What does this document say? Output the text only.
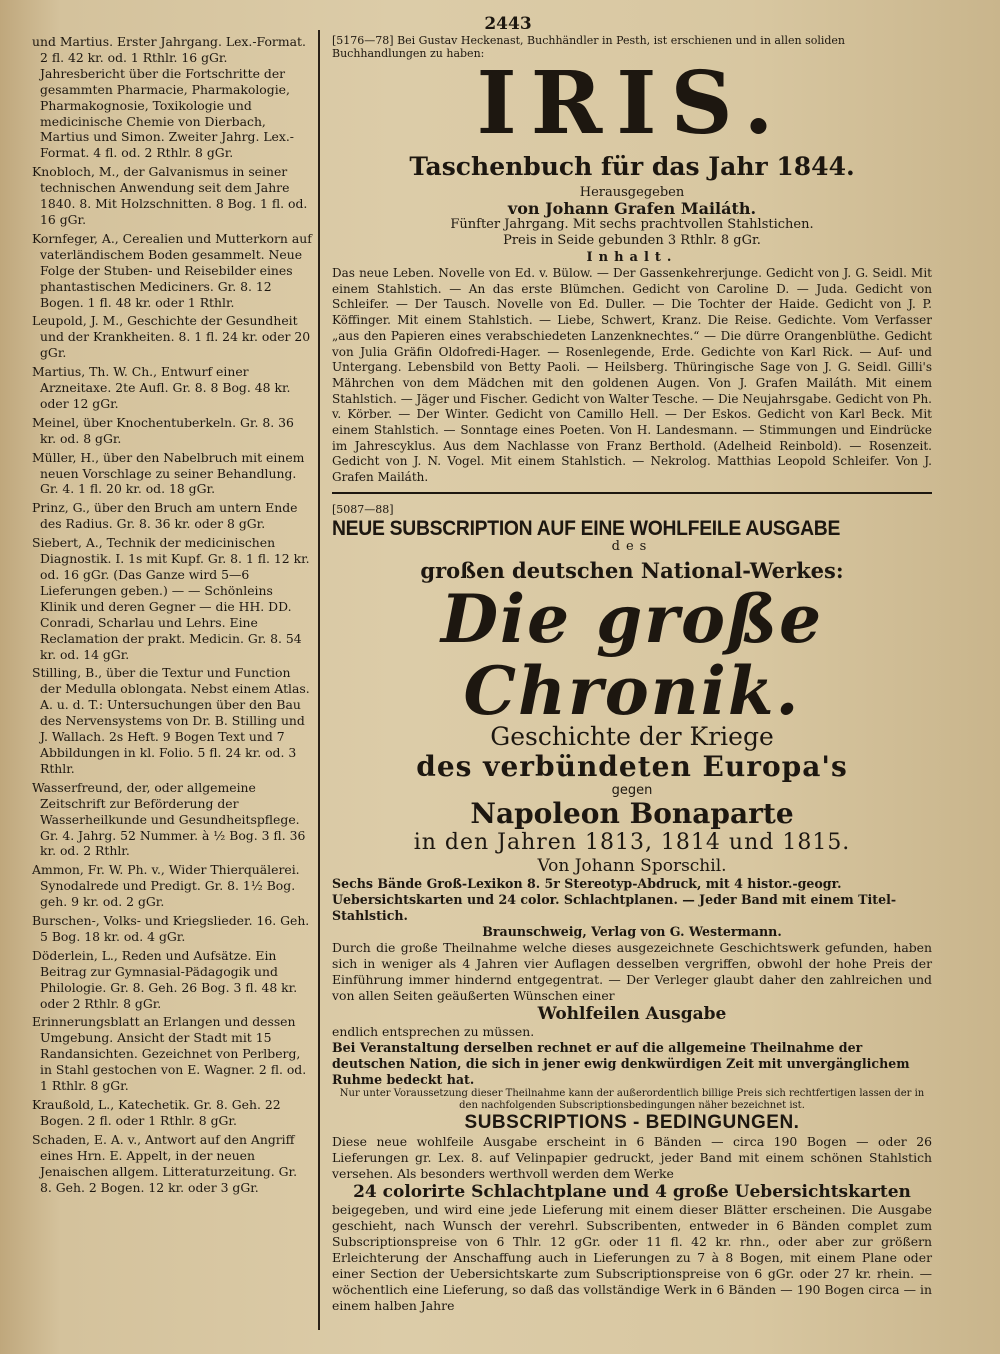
2443

und Martius. Erster Jahrgang. Lex.-Format. 2 fl. 42 kr. od. 1 Rthlr. 16 gGr. Jahresbericht über die Fortschritte der gesammten Pharmacie, Pharmakologie, Pharmakognosie, Toxikologie und medicinische Chemie von Dierbach, Martius und Simon. Zweiter Jahrg. Lex.-Format. 4 fl. od. 2 Rthlr. 8 gGr.

Knobloch, M., der Galvanismus in seiner technischen Anwendung seit dem Jahre 1840. 8. Mit Holzschnitten. 8 Bog. 1 fl. od. 16 gGr.

Kornfeger, A., Cerealien und Mutterkorn auf vaterländischem Boden gesammelt. Neue Folge der Stuben- und Reisebilder eines phantastischen Mediciners. Gr. 8. 12 Bogen. 1 fl. 48 kr. oder 1 Rthlr.

Leupold, J. M., Geschichte der Gesundheit und der Krankheiten. 8. 1 fl. 24 kr. oder 20 gGr.

Martius, Th. W. Ch., Entwurf einer Arzneitaxe. 2te Aufl. Gr. 8. 8 Bog. 48 kr. oder 12 gGr.

Meinel, über Knochentuberkeln. Gr. 8. 36 kr. od. 8 gGr.

Müller, H., über den Nabelbruch mit einem neuen Vorschlage zu seiner Behandlung. Gr. 4. 1 fl. 20 kr. od. 18 gGr.

Prinz, G., über den Bruch am untern Ende des Radius. Gr. 8. 36 kr. oder 8 gGr.

Siebert, A., Technik der medicinischen Diagnostik. I. 1s mit Kupf. Gr. 8. 1 fl. 12 kr. od. 16 gGr. (Das Ganze wird 5—6 Lieferungen geben.) — — Schönleins Klinik und deren Gegner — die HH. DD. Conradi, Scharlau und Lehrs. Eine Reclamation der prakt. Medicin. Gr. 8. 54 kr. od. 14 gGr.

Stilling, B., über die Textur und Function der Medulla oblongata. Nebst einem Atlas. A. u. d. T.: Untersuchungen über den Bau des Nervensystems von Dr. B. Stilling und J. Wallach. 2s Heft. 9 Bogen Text und 7 Abbildungen in kl. Folio. 5 fl. 24 kr. od. 3 Rthlr.

Wasserfreund, der, oder allgemeine Zeitschrift zur Beförderung der Wasserheilkunde und Gesundheitspflege. Gr. 4. Jahrg. 52 Nummer. à ½ Bog. 3 fl. 36 kr. od. 2 Rthlr.

Ammon, Fr. W. Ph. v., Wider Thierquälerei. Synodalrede und Predigt. Gr. 8. 1½ Bog. geh. 9 kr. od. 2 gGr.

Burschen-, Volks- und Kriegslieder. 16. Geh. 5 Bog. 18 kr. od. 4 gGr.

Döderlein, L., Reden und Aufsätze. Ein Beitrag zur Gymnasial-Pädagogik und Philologie. Gr. 8. Geh. 26 Bog. 3 fl. 48 kr. oder 2 Rthlr. 8 gGr.

Erinnerungsblatt an Erlangen und dessen Umgebung. Ansicht der Stadt mit 15 Randansichten. Gezeichnet von Perlberg, in Stahl gestochen von E. Wagner. 2 fl. od. 1 Rthlr. 8 gGr.

Kraußold, L., Katechetik. Gr. 8. Geh. 22 Bogen. 2 fl. oder 1 Rthlr. 8 gGr.

Schaden, E. A. v., Antwort auf den Angriff eines Hrn. E. Appelt, in der neuen Jenaischen allgem. Litteraturzeitung. Gr. 8. Geh. 2 Bogen. 12 kr. oder 3 gGr.

[5176—78] Bei Gustav Heckenast, Buchhändler in Pesth, ist erschienen und in allen soliden Buchhandlungen zu haben:
IRIS.
Taschenbuch für das Jahr 1844.
Herausgegeben
von Johann Grafen Mailáth.
Fünfter Jahrgang. Mit sechs prachtvollen Stahlstichen.
Preis in Seide gebunden 3 Rthlr. 8 gGr.
Inhalt.
Das neue Leben. Novelle von Ed. v. Bülow. — Der Gassenkehrerjunge. Gedicht von J. G. Seidl. Mit einem Stahlstich. — An das erste Blümchen. Gedicht von Caroline D. — Juda. Gedicht von Schleifer. — Der Tausch. Novelle von Ed. Duller. — Die Tochter der Haide. Gedicht von J. P. Köffinger. Mit einem Stahlstich. — Liebe, Schwert, Kranz. Die Reise. Gedichte. Vom Verfasser „aus den Papieren eines verabschiedeten Lanzenknechtes.“ — Die dürre Orangenblüthe. Gedicht von Julia Gräfin Oldofredi-Hager. — Rosenlegende, Erde. Gedichte von Karl Rick. — Auf- und Untergang. Lebensbild von Betty Paoli. — Heilsberg. Thüringische Sage von J. G. Seidl. Gilli's Mährchen von dem Mädchen mit den goldenen Augen. Von J. Grafen Mailáth. Mit einem Stahlstich. — Jäger und Fischer. Gedicht von Walter Tesche. — Die Neujahrsgabe. Gedicht von Ph. v. Körber. — Der Winter. Gedicht von Camillo Hell. — Der Eskos. Gedicht von Karl Beck. Mit einem Stahlstich. — Sonntage eines Poeten. Von H. Landesmann. — Stimmungen und Eindrücke im Jahrescyklus. Aus dem Nachlasse von Franz Berthold. (Adelheid Reinbold). — Rosenzeit. Gedicht von J. N. Vogel. Mit einem Stahlstich. — Nekrolog. Matthias Leopold Schleifer. Von J. Grafen Mailáth.
[5087—88] NEUE SUBSCRIPTION AUF EINE WOHLFEILE AUSGABE
des
großen deutschen National-Werkes:
Die große Chronik.
Geschichte der Kriege
des verbündeten Europa's
gegen
Napoleon Bonaparte
in den Jahren 1813, 1814 und 1815.
Von Johann Sporschil.
Sechs Bände Groß-Lexikon 8. 5r Stereotyp-Abdruck, mit 4 histor.-geogr. Uebersichtskarten und 24 color. Schlachtplanen. — Jeder Band mit einem Titel-Stahlstich.
Braunschweig, Verlag von G. Westermann.
Durch die große Theilnahme welche dieses ausgezeichnete Geschichtswerk gefunden, haben sich in weniger als 4 Jahren vier Auflagen desselben vergriffen, obwohl der hohe Preis der Einführung immer hindernd entgegentrat. — Der Verleger glaubt daher den zahlreichen und von allen Seiten geäußerten Wünschen einer
Wohlfeilen Ausgabe
endlich entsprechen zu müssen.
Bei Veranstaltung derselben rechnet er auf die allgemeine Theilnahme der deutschen Nation, die sich in jener ewig denkwürdigen Zeit mit unvergänglichem Ruhme bedeckt hat.
Nur unter Voraussetzung dieser Theilnahme kann der außerordentlich billige Preis sich rechtfertigen lassen der in den nachfolgenden Subscriptionsbedingungen näher bezeichnet ist.
SUBSCRIPTIONS - BEDINGUNGEN.
Diese neue wohlfeile Ausgabe erscheint in 6 Bänden — circa 190 Bogen — oder 26 Lieferungen gr. Lex. 8. auf Velinpapier gedruckt, jeder Band mit einem schönen Stahlstich versehen. Als besonders werthvoll werden dem Werke
24 colorirte Schlachtplane und 4 große Uebersichtskarten
beigegeben, und wird eine jede Lieferung mit einem dieser Blätter erscheinen. Die Ausgabe geschieht, nach Wunsch der verehrl. Subscribenten, entweder in 6 Bänden complet zum Subscriptionspreise von 6 Thlr. 12 gGr. oder 11 fl. 42 kr. rhn., oder aber zur größern Erleichterung der Anschaffung auch in Lieferungen zu 7 à 8 Bogen, mit einem Plane oder einer Section der Uebersichtskarte zum Subscriptionspreise von 6 gGr. oder 27 kr. rhein. — wöchentlich eine Lieferung, so daß das vollständige Werk in 6 Bänden — 190 Bogen circa — in einem halben Jahre
